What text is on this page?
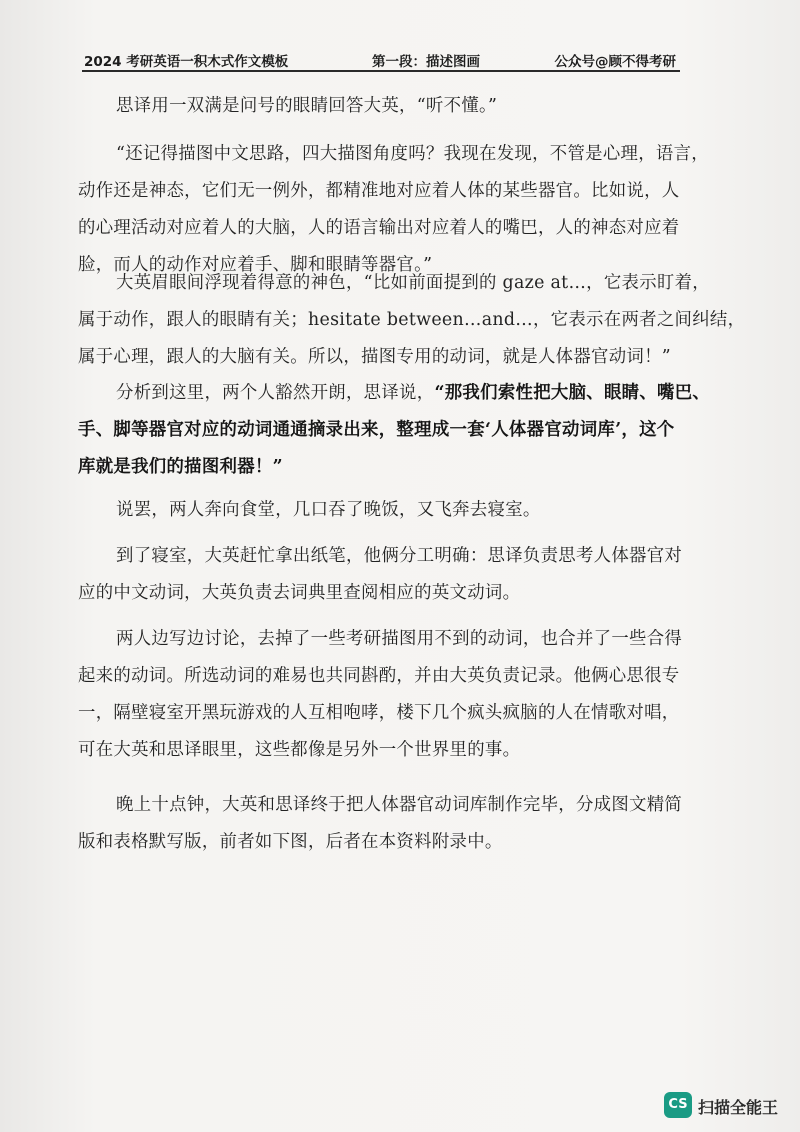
2024 考研英语一积木式作文模板	第一段：描述图画	公众号@顾不得考研
思译用一双满是问号的眼睛回答大英，“听不懂。”
“还记得描图中文思路，四大描图角度吗？我现在发现，不管是心理，语言，
动作还是神态，它们无一例外，都精准地对应着人体的某些器官。比如说，人
的心理活动对应着人的大脑，人的语言输出对应着人的嘴巴，人的神态对应着
脸，而人的动作对应着手、脚和眼睛等器官。”
大英眉眼间浮现着得意的神色，“比如前面提到的 gaze at…，它表示盯着，
属于动作，跟人的眼睛有关；hesitate between…and…，它表示在两者之间纠结，
属于心理，跟人的大脑有关。所以，描图专用的动词，就是人体器官动词！”
分析到这里，两个人豁然开朗，思译说，“那我们索性把大脑、眼睛、嘴巴、
手、脚等器官对应的动词通通摘录出来，整理成一套‘人体器官动词库’，这个
库就是我们的描图利器！”
说罢，两人奔向食堂，几口吞了晚饭，又飞奔去寝室。
到了寝室，大英赶忙拿出纸笔，他俩分工明确：思译负责思考人体器官对
应的中文动词，大英负责去词典里查阅相应的英文动词。
两人边写边讨论，去掉了一些考研描图用不到的动词，也合并了一些合得
起来的动词。所选动词的难易也共同斟酌，并由大英负责记录。他俩心思很专
一，隔壁寝室开黑玩游戏的人互相咆哮，楼下几个疯头疯脑的人在情歌对唱，
可在大英和思译眼里，这些都像是另外一个世界里的事。
晚上十点钟，大英和思译终于把人体器官动词库制作完毕，分成图文精简
版和表格默写版，前者如下图，后者在本资料附录中。
CS 扫描全能王
